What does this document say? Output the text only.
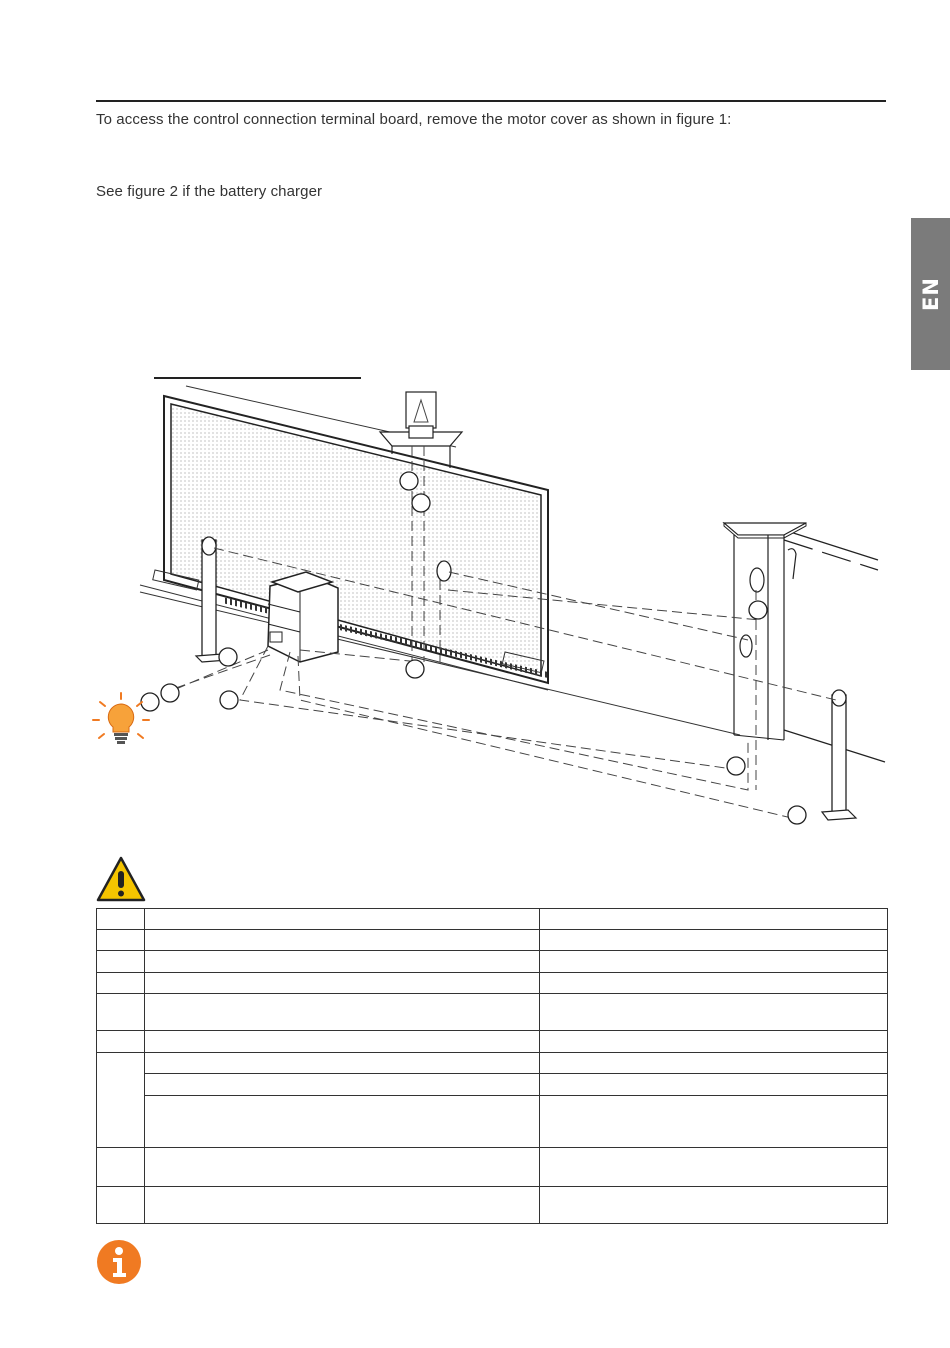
To access the control connection terminal board, remove the motor cover as shown in figure 1:
See figure 2 if the battery charger
EN
